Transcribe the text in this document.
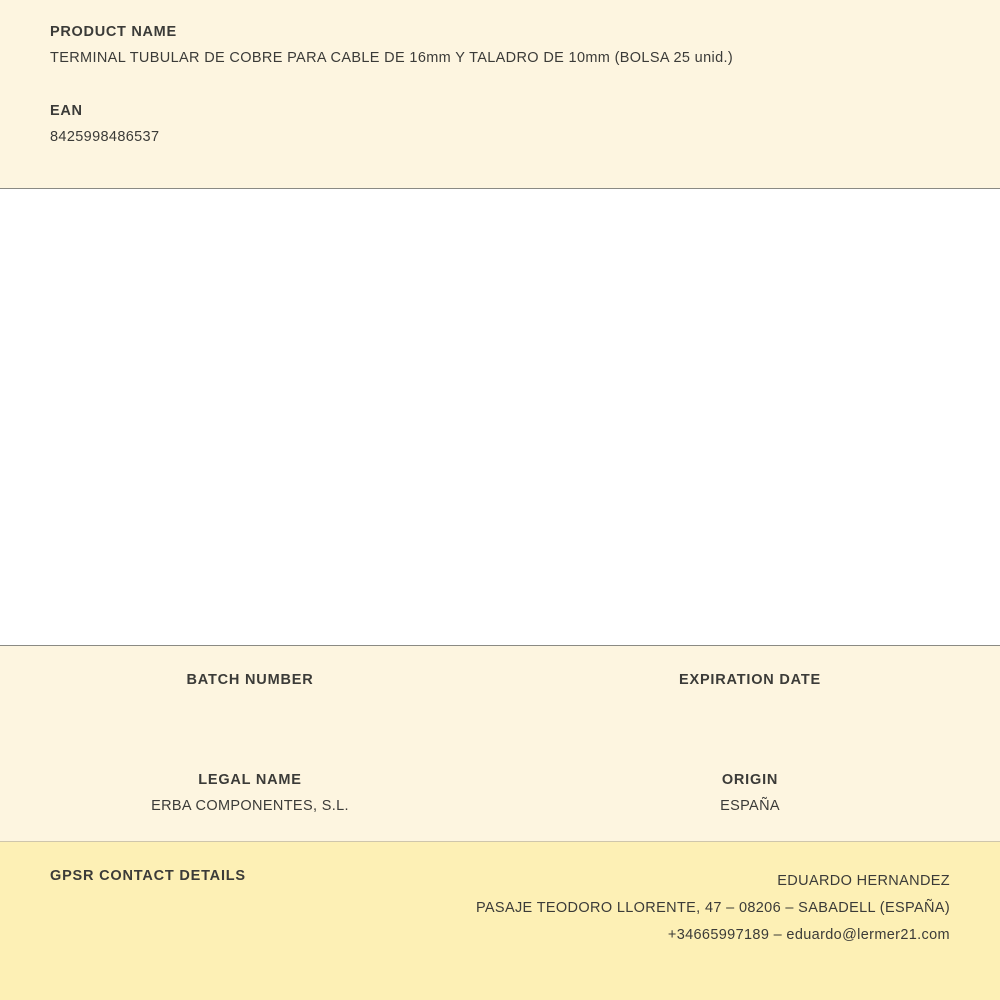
PRODUCT NAME

TERMINAL TUBULAR DE COBRE PARA CABLE DE 16mm Y TALADRO DE 10mm (BOLSA 25 unid.)

EAN

8425998486537

BATCH NUMBER	EXPIRATION DATE

LEGAL NAME

ERBA COMPONENTES, S.L.

ORIGIN

ESPAÑA

GPSR CONTACT DETAILS	EDUARDO HERNANDEZ
PASAJE TEODORO LLORENTE, 47 – 08206 – SABADELL (ESPAÑA)
+34665997189 – eduardo@lermer21.com
